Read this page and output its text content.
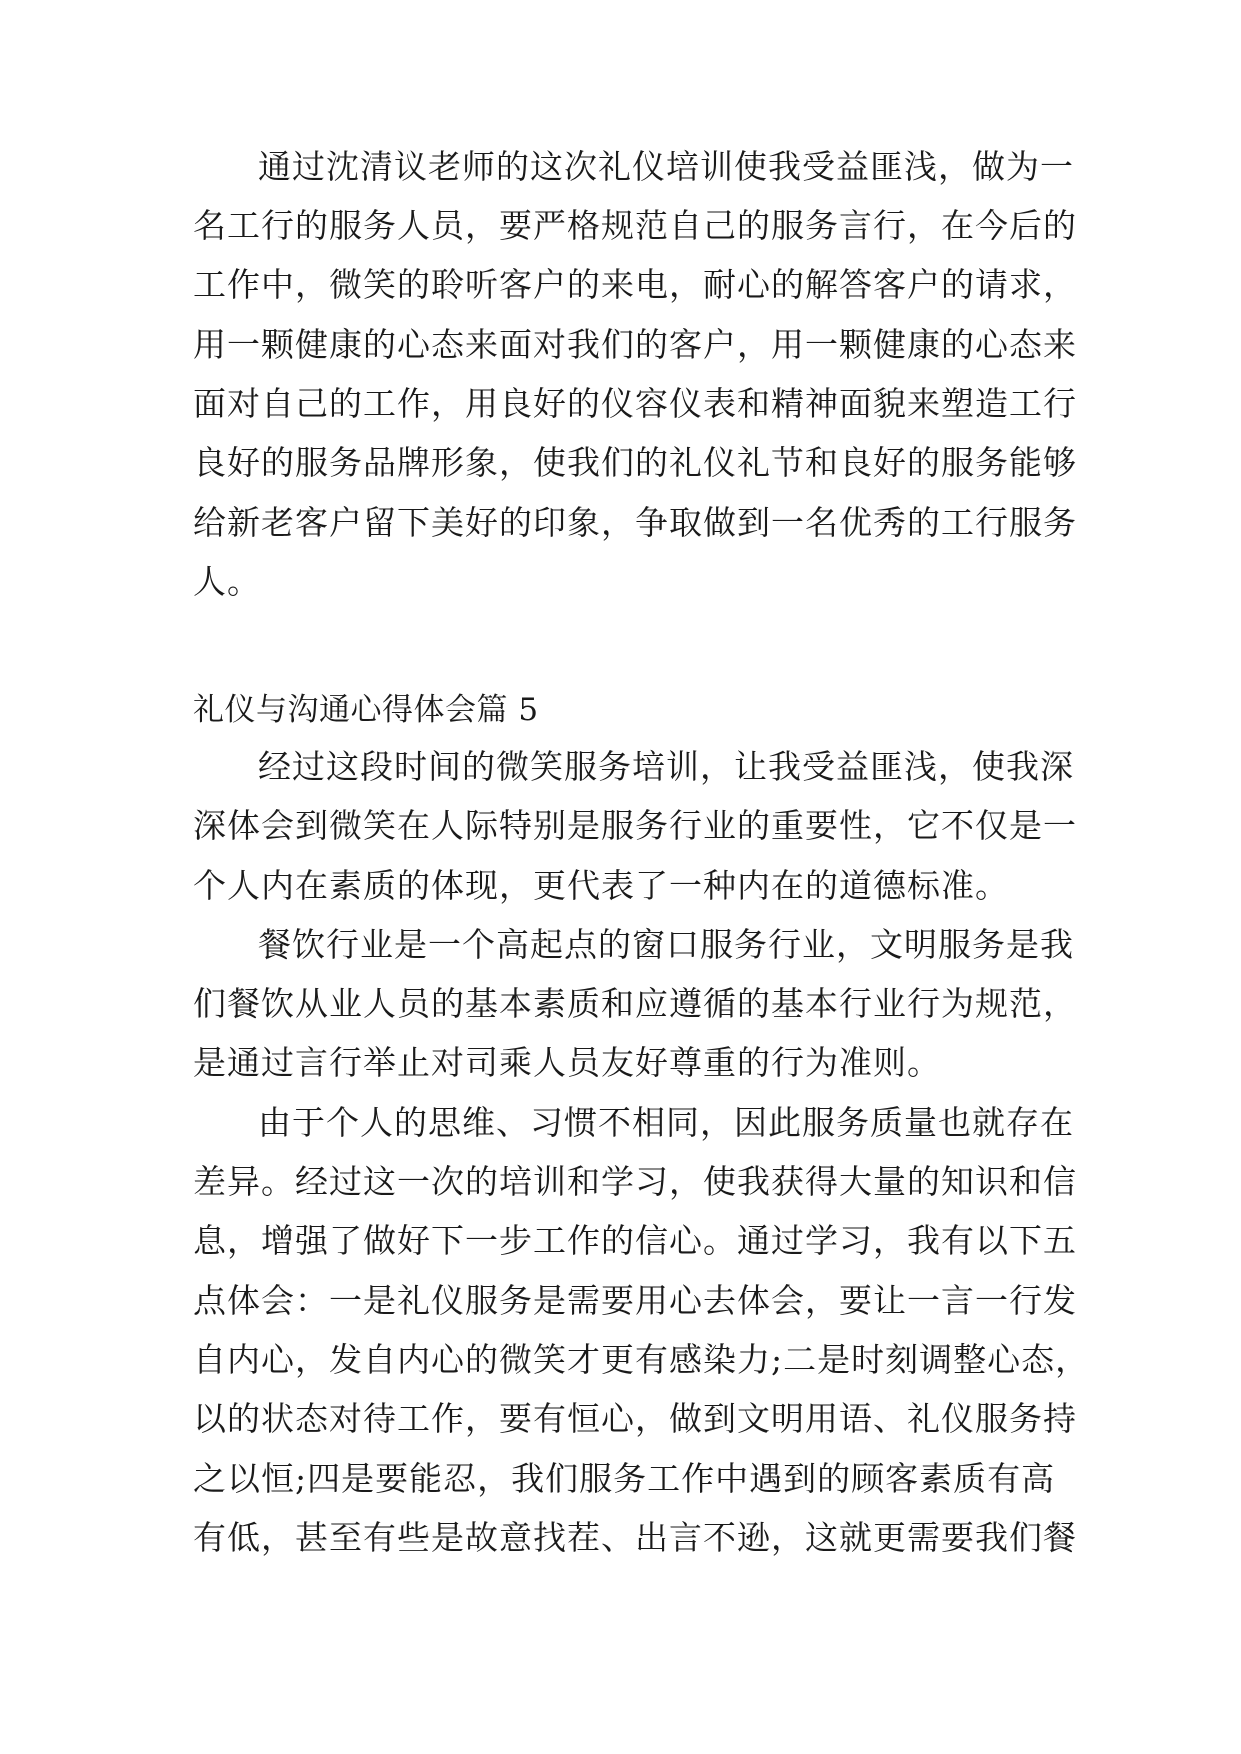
通过沈清议老师的这次礼仪培训使我受益匪浅，做为一
名工行的服务人员，要严格规范自己的服务言行，在今后的
工作中，微笑的聆听客户的来电，耐心的解答客户的请求，
用一颗健康的心态来面对我们的客户，用一颗健康的心态来
面对自己的工作，用良好的仪容仪表和精神面貌来塑造工行
良好的服务品牌形象，使我们的礼仪礼节和良好的服务能够
给新老客户留下美好的印象，争取做到一名优秀的工行服务
人。
礼仪与沟通心得体会篇 5
经过这段时间的微笑服务培训，让我受益匪浅，使我深
深体会到微笑在人际特别是服务行业的重要性，它不仅是一
个人内在素质的体现，更代表了一种内在的道德标准。
餐饮行业是一个高起点的窗口服务行业，文明服务是我
们餐饮从业人员的基本素质和应遵循的基本行业行为规范，
是通过言行举止对司乘人员友好尊重的行为准则。
由于个人的思维、习惯不相同，因此服务质量也就存在
差异。经过这一次的培训和学习，使我获得大量的知识和信
息，增强了做好下一步工作的信心。通过学习，我有以下五
点体会：一是礼仪服务是需要用心去体会，要让一言一行发
自内心，发自内心的微笑才更有感染力;二是时刻调整心态，
以的状态对待工作，要有恒心，做到文明用语、礼仪服务持
之以恒;四是要能忍，我们服务工作中遇到的顾客素质有高
有低，甚至有些是故意找茬、出言不逊，这就更需要我们餐
